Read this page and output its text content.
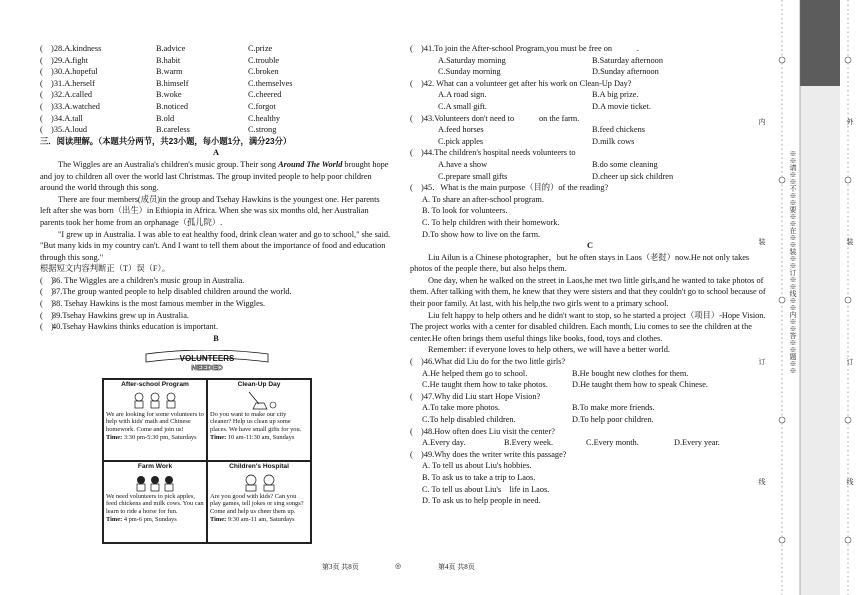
(　)28.A.kindness	B.advice	C.prize
(　)29.A.fight	B.habit	C.trouble
(　)30.A.hopeful	B.warm	C.broken
(　)31.A.herself	B.himself	C.themselves
(　)32.A.called	B.woke	C.cheered
(　)33.A.watched	B.noticed	C.forgot
(　)34.A.tall	B.old	C.healthy
(　)35.A.loud	B.careless	C.strong
三．阅读理解。（本题共分两节，共23小题，每小题1分，满分23分）
A
The Wiggles are an Australia's children's music group. Their song Around The World brought hope and joy to children all over the world last Christmas. The group invited people to help poor children around the world through this song.
There are four members(成员)in the group and Tsehay Hawkins is the youngest one. Her parents left after she was born（出生）in Ethiopia in Africa. When she was six months old, her Australian parents took her home from an orphanage（孤儿院）.
"I grew up in Australia. I was able to eat healthy food, drink clean water and go to school," she said. "But many kids in my country can't. And I want to tell them about the importance of food and education through this song."
根据短文内容判断正（T）误（F）。
(　)
36. The Wiggles are a children's music group in Australia.
(　)
37.The group wanted people to help disabled children around the world.
(　)
38. Tsehay Hawkins is the most famous member in the Wiggles.
(　)
39.Tsehay Hawkins grew up in Australia.
(　)
40.Tsehay Hawkins thinks education is important.
B
VOLUNTEERS
NEEDED
After-school Program
We are looking for some volunteers to help with kids' math and Chinese homework. Come and join us!
Time: 3:30 pm-5:30 pm, Saturdays
Clean-Up Day
Do you want to make our city cleaner? Help us clean up some places. We have small gifts for you.
Time: 10 am-11:30 am, Sundays
Farm Work
We need volunteers to pick apples, feed chickens and milk cows. You can learn to ride a horse for fun.
Time: 4 pm-6 pm, Sundays
Children's Hospital
Are you good with kids? Can you play games, tell jokes or sing songs? Come and help us cheer them up.
Time: 9:30 am-11 am, Saturdays
(　)41.To join the After-school Program,you must be free on　　　.
A.Saturday morning	B.Saturday afternoon
C.Sunday morning	D.Sunday afternoon
(　)42. What can a volunteer get after his work on Clean-Up Day?
A.A road sign.	B.A big prize.
C.A small gift.	D.A movie ticket.
(　)43.Volunteers don't need to　　　on the farm.
A.feed horses	B.feed chickens
C.pick apples	D.milk cows
(　)44.The children's hospital needs volunteers to
A.have a show	B.do some cleaning
C.prepare small gifts	D.cheer up sick children
(　)45．What is the main purpose（目的）of the reading?
A. To share an after-school program.
B. To look for volunteers.
C. To help children with their homework.
D.To show how to live on the farm.
C
Liu Ailun is a Chinese photographer，but he often stays in Laos（老挝）now.He not only takes photos of the people there, but also helps them.
One day, when he walked on the street in Laos,he met two little girls,and he wanted to take photos of them. After talking with them, he knew that they were sisters and that they couldn't go to school because of their poor family. At last, with his help,the two girls went to a primary school.
Liu felt happy to help others and he didn't want to stop, so he started a project（项目）-Hope Vision. The project works with a center for disabled children. Each month, Liu comes to see the children at the center.He often brings them useful things like books, food, toys and clothes.
Remember: if everyone loves to help others, we will have a better world.
(　)46.What did Liu do for the two little girls?
A.He helped them go to school.	B.He bought new clothes for them.
C.He taught them how to take photos.	D.He taught them how to speak Chinese.
(　)47.Why did Liu start Hope Vision?
A.To take more photos.	B.To make more friends.
C.To help disabled children.	D.To help poor children.
(　)48.How often does Liu visit the center?
A.Every day.	B.Every week.	C.Every month.	D.Every year.
(　)49.Why does the writer write this passage?
A. To tell us about Liu's hobbies.
B. To ask us to take a trip to Laos.
C. To tell us about Liu's　life in Laos.
D. To ask us to help people in need.
第3页 共8页	◎	第4页 共8页
※※请※※不※※要※※在※※装※※订※※线※※内※※答※※题※※
内
装
订
线
外
装
订
线
